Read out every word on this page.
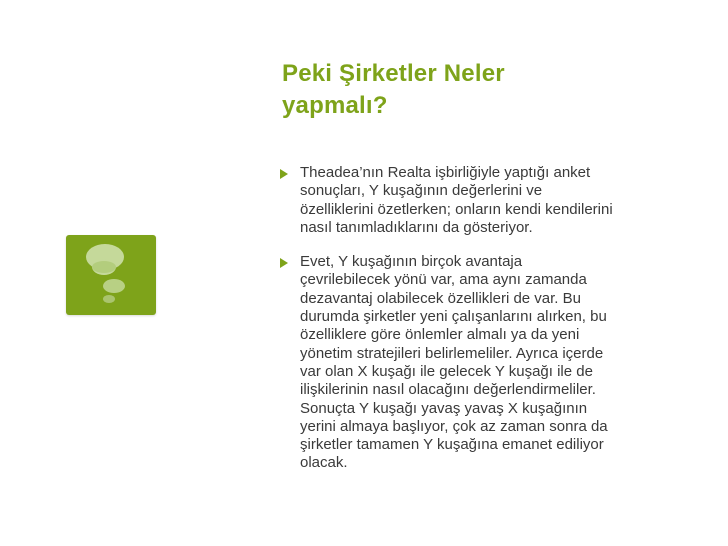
Peki Şirketler Neler
yapmalı?
Theadea’nın Realta işbirliğiyle yaptığı anket
sonuçları, Y kuşağının değerlerini ve
özelliklerini özetlerken; onların kendi kendilerini
nasıl tanımladıklarını da gösteriyor.
Evet, Y kuşağının birçok avantaja
çevrilebilecek yönü var, ama aynı zamanda
dezavantaj olabilecek özellikleri de var. Bu
durumda şirketler yeni çalışanlarını alırken, bu
özelliklere göre önlemler almalı ya da yeni
yönetim stratejileri belirlemeliler. Ayrıca içerde
var olan X kuşağı ile gelecek Y kuşağı ile de
ilişkilerinin nasıl olacağını değerlendirmeliler.
Sonuçta Y kuşağı yavaş yavaş X kuşağının
yerini almaya başlıyor, çok az zaman sonra da
şirketler tamamen Y kuşağına emanet ediliyor
olacak.
